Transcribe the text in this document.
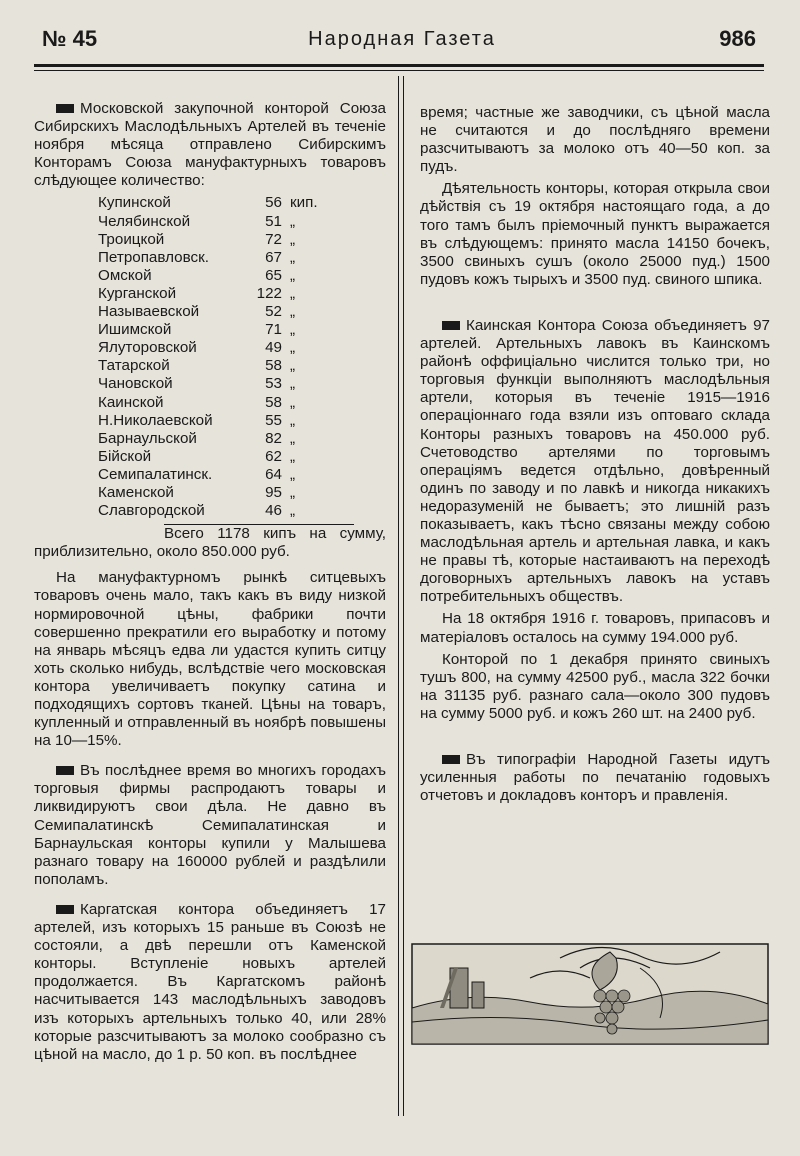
№ 45	Народная Газета	986

Московской закупочной конторой Союза Сибирскихъ Маслодѣльныхъ Артелей въ теченіе ноября мѣсяца отправлено Сибирскимъ Конторамъ Союза мануфактурныхъ товаровъ слѣдующее количество:

Купинской	56	кип.
Челябинской	51	„
Троицкой	72	„
Петропавловск.	67	„
Омской	65	„
Курганской	122	„
Называевской	52	„
Ишимской	71	„
Ялуторовской	49	„
Татарской	58	„
Чановской	53	„
Каинской	58	„
Н.Николаевской	55	„
Барнаульской	82	„
Бійской	62	„
Семипалатинск.	64	„
Каменской	95	„
Славгородской	46	„

Всего 1178 кипъ на сумму, приблизительно, около 850.000 руб.

На мануфактурномъ рынкѣ ситцевыхъ товаровъ очень мало, такъ какъ въ виду низкой нормировочной цѣны, фабрики почти совершенно прекратили его выработку и потому на январь мѣсяцъ едва ли удастся купить ситцу хоть сколько нибудь, вслѣдствіе чего московская контора увеличиваетъ покупку сатина и подходящихъ сортовъ тканей. Цѣны на товаръ, купленный и отправленный въ ноябрѣ повышены на 10—15%.

Въ послѣднее время во многихъ городахъ торговыя фирмы распродаютъ товары и ликвидируютъ свои дѣла. Не давно въ Семипалатинскѣ Семипалатинская и Барнаульская конторы купили у Малышева разнаго товару на 160000 рублей и раздѣлили пополамъ.

Каргатская контора объединяетъ 17 артелей, изъ которыхъ 15 раньше въ Союзѣ не состояли, а двѣ перешли отъ Каменской конторы. Вступленіе новыхъ артелей продолжается. Въ Каргатскомъ районѣ насчитывается 143 маслодѣльныхъ заводовъ изъ которыхъ артельныхъ только 40, или 28% которые разсчитываютъ за молоко сообразно съ цѣной на масло, до 1 р. 50 коп. въ послѣднее

время; частные же заводчики, съ цѣной масла не считаются и до послѣдняго времени разсчитываютъ за молоко отъ 40—50 коп. за пудъ.

Дѣятельность конторы, которая открыла свои дѣйствія съ 19 октября настоящаго года, а до того тамъ былъ пріемочный пунктъ выражается въ слѣдующемъ: принято масла 14150 бочекъ, 3500 свиныхъ сушъ (около 25000 пуд.) 1500 пудовъ кожъ тырыхъ и 3500 пуд. свиного шпика.

Каинская Контора Союза объединяетъ 97 артелей. Артельныхъ лавокъ въ Каинскомъ районѣ оффиціально числится только три, но торговыя функціи выполняютъ маслодѣльныя артели, которыя въ теченіе 1915—1916 операціоннаго года взяли изъ оптоваго склада Конторы разныхъ товаровъ на 450.000 руб. Счетоводство артелями по торговымъ операціямъ ведется отдѣльно, довѣренный одинъ по заводу и по лавкѣ и никогда никакихъ недоразуменій не бываетъ; это лишній разъ показываетъ, какъ тѣсно связаны между собою маслодѣльная артель и артельная лавка, и какъ не правы тѣ, которые настаиваютъ на переходѣ договорныхъ артельныхъ лавокъ на уставъ потребительныхъ обществъ.

На 18 октября 1916 г. товаровъ, припасовъ и матеріаловъ осталось на сумму 194.000 руб.

Конторой по 1 декабря принято свиныхъ тушъ 800, на сумму 42500 руб., масла 322 бочки на 31135 руб. разнаго сала—около 300 пудовъ на сумму 5000 руб. и кожъ 260 шт. на 2400 руб.

Въ типографіи Народной Газеты идутъ усиленныя работы по печатанію годовыхъ отчетовъ и докладовъ конторъ и правленія.
